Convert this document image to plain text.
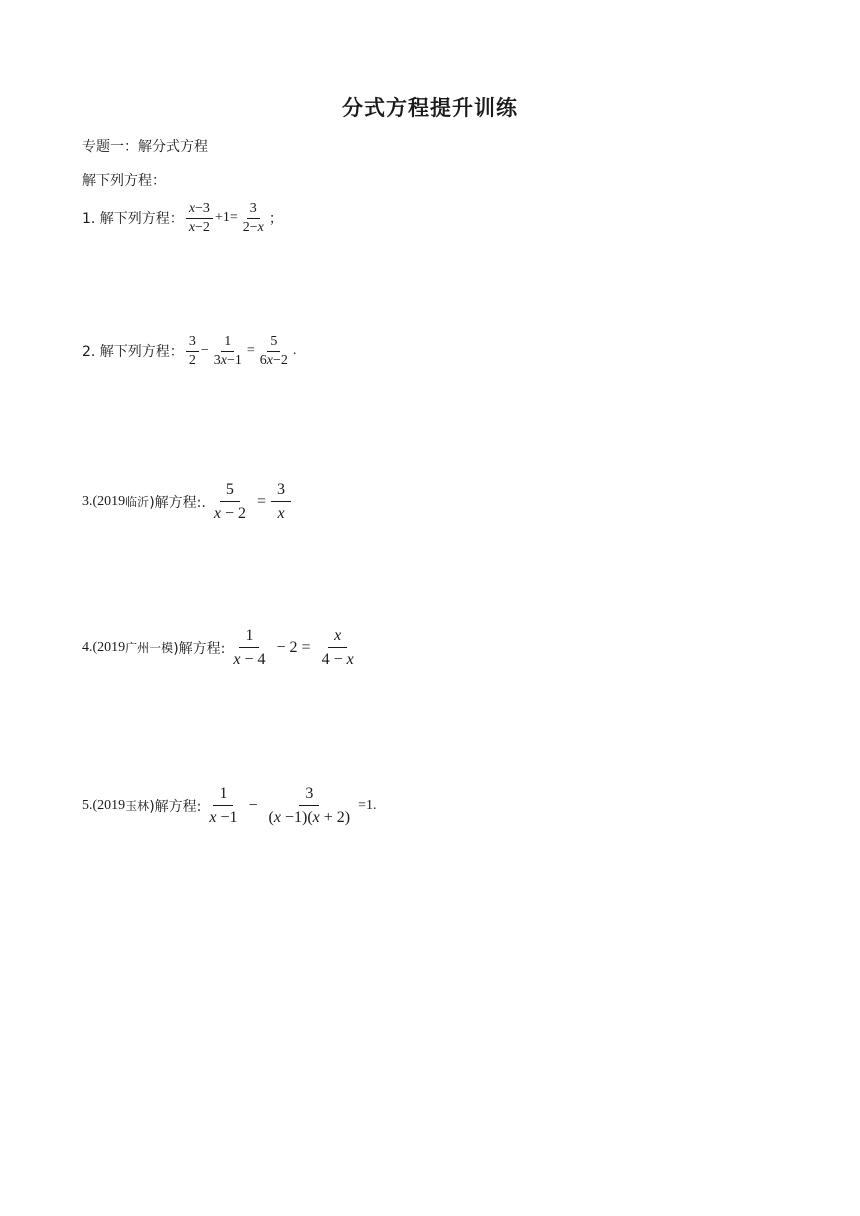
分式方程提升训练
专题一：解分式方程
解下列方程：
1. 解下列方程： $\frac{x-3}{x-2} +1= \frac{3}{2-x}$ ；
2. 解下列方程： $\frac{3}{2} - \frac{1}{3x-1} = \frac{5}{6x-2}$ .
3.(2019 临沂 )解方程:. $\frac{5}{x - 2} = \frac{3}{x}$
4.(2019 广州一模 )解方程: $\frac{1}{x - 4} - 2 = \frac{x}{4 - x}$
5.(2019 玉林 )解方程: $\frac{1}{x -1} - \frac{3}{(x -1)(x + 2)} =1$.
